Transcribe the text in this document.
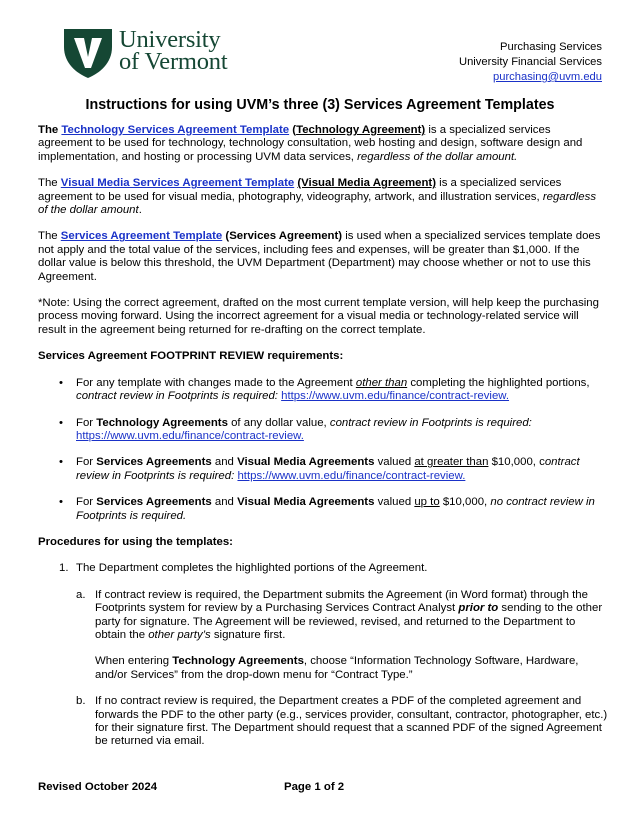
University
of Vermont
Purchasing Services
University Financial Services
purchasing@uvm.edu
Instructions for using UVM’s three (3) Services Agreement Templates

The Technology Services Agreement Template (Technology Agreement) is a specialized services agreement to be used for technology, technology consultation, web hosting and design, software design and implementation, and hosting or processing UVM data services, regardless of the dollar amount.

The Visual Media Services Agreement Template (Visual Media Agreement) is a specialized services agreement to be used for visual media, photography, videography, artwork, and illustration services, regardless of the dollar amount.

The Services Agreement Template (Services Agreement) is used when a specialized services template does not apply and the total value of the services, including fees and expenses, will be greater than $1,000. If the dollar value is below this threshold, the UVM Department (Department) may choose whether or not to use this Agreement.

*Note: Using the correct agreement, drafted on the most current template version, will help keep the purchasing process moving forward. Using the incorrect agreement for a visual media or technology-related service will result in the agreement being returned for re-drafting on the correct template.

Services Agreement FOOTPRINT REVIEW requirements:

• For any template with changes made to the Agreement other than completing the highlighted portions, contract review in Footprints is required: https://www.uvm.edu/finance/contract-review.
• For Technology Agreements of any dollar value, contract review in Footprints is required: https://www.uvm.edu/finance/contract-review.
• For Services Agreements and Visual Media Agreements valued at greater than $10,000, contract review in Footprints is required: https://www.uvm.edu/finance/contract-review.
• For Services Agreements and Visual Media Agreements valued up to $10,000, no contract review in Footprints is required.

Procedures for using the templates:

1. The Department completes the highlighted portions of the Agreement.

a. If contract review is required, the Department submits the Agreement (in Word format) through the Footprints system for review by a Purchasing Services Contract Analyst prior to sending to the other party for signature. The Agreement will be reviewed, revised, and returned to the Department to obtain the other party’s signature first.

When entering Technology Agreements, choose “Information Technology Software, Hardware, and/or Services” from the drop-down menu for “Contract Type.”

b. If no contract review is required, the Department creates a PDF of the completed agreement and forwards the PDF to the other party (e.g., services provider, consultant, contractor, photographer, etc.) for their signature first. The Department should request that a scanned PDF of the signed Agreement be returned via email.

Revised October 2024	Page 1 of 2
